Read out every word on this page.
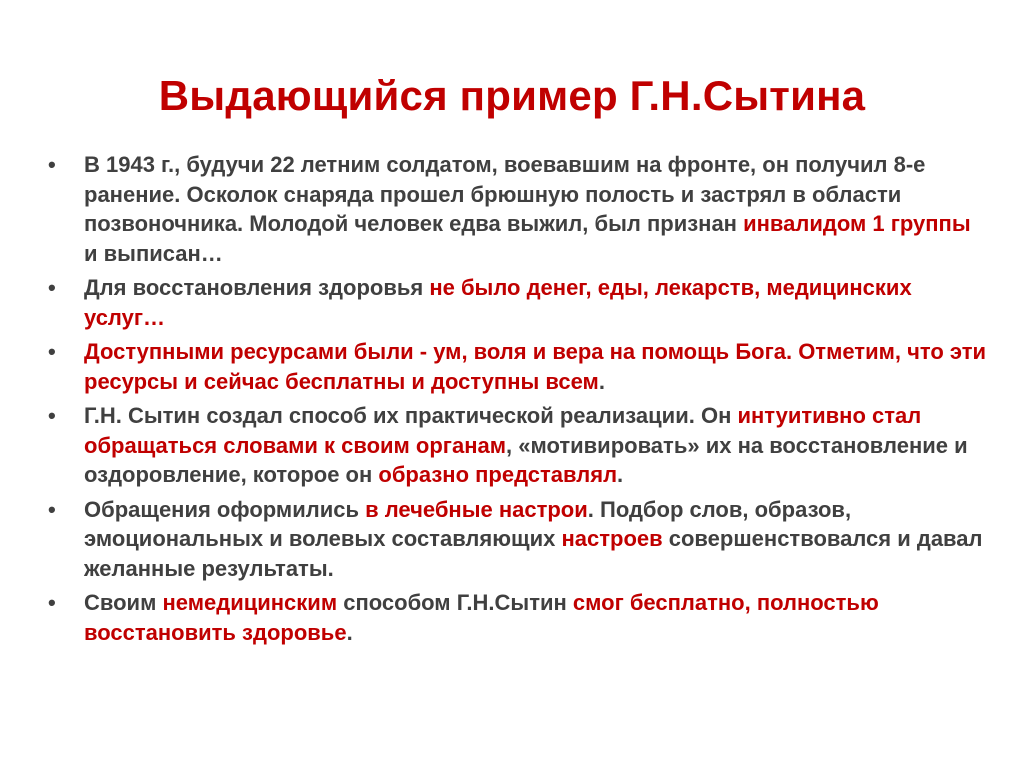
Выдающийся пример Г.Н.Сытина
• В 1943 г., будучи 22 летним солдатом, воевавшим на фронте, он получил 8-е ранение. Осколок снаряда прошел брюшную полость и застрял в области позвоночника. Молодой человек едва выжил, был признан инвалидом 1 группы и выписан…
• Для восстановления здоровья не было денег, еды, лекарств, медицинских услуг…
• Доступными ресурсами были - ум, воля и вера на помощь Бога. Отметим, что эти ресурсы и сейчас бесплатны и доступны всем.
• Г.Н. Сытин создал способ их практической реализации. Он интуитивно стал обращаться словами к своим органам, «мотивировать» их на восстановление и оздоровление, которое он образно представлял.
• Обращения оформились в лечебные настрои. Подбор слов, образов, эмоциональных и волевых составляющих настроев совершенствовался и давал желанные результаты.
• Своим немедицинским способом Г.Н.Сытин смог бесплатно, полностью восстановить здоровье.
